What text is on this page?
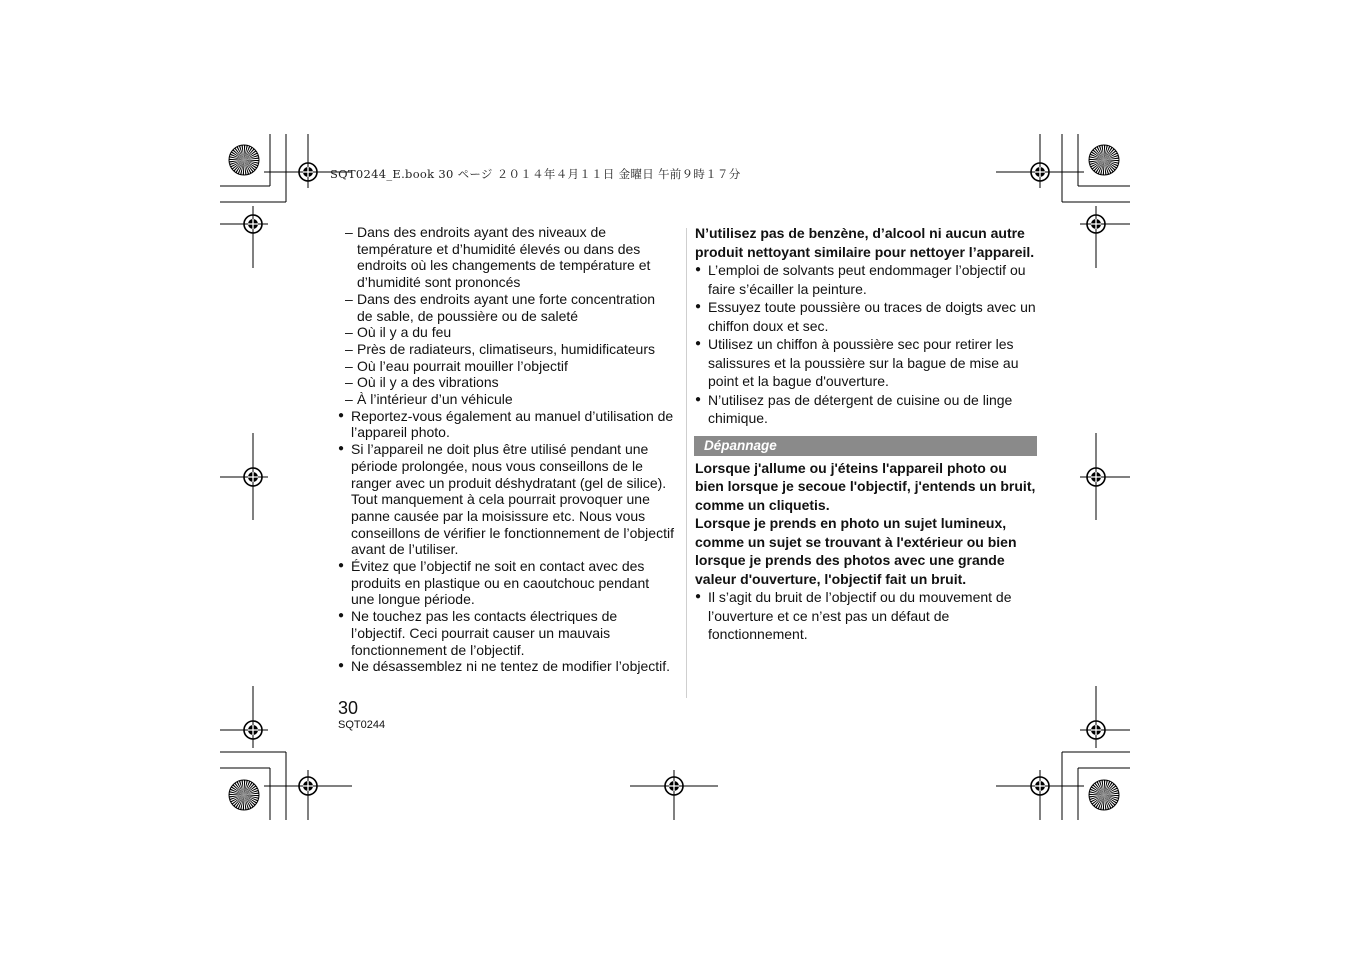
SQT0244_E.book 30 ページ ２０１４年４月１１日 金曜日 午前９時１７分
– Dans des endroits ayant des niveaux de température et d’humidité élevés ou dans des endroits où les changements de température et d’humidité sont prononcés
– Dans des endroits ayant une forte concentration de sable, de poussière ou de saleté
– Où il y a du feu
– Près de radiateurs, climatiseurs, humidificateurs
– Où l’eau pourrait mouiller l’objectif
– Où il y a des vibrations
– À l’intérieur d’un véhicule
● Reportez-vous également au manuel d’utilisation de l’appareil photo.
● Si l’appareil ne doit plus être utilisé pendant une période prolongée, nous vous conseillons de le ranger avec un produit déshydratant (gel de silice). Tout manquement à cela pourrait provoquer une panne causée par la moisissure etc. Nous vous conseillons de vérifier le fonctionnement de l’objectif avant de l’utiliser.
● Évitez que l’objectif ne soit en contact avec des produits en plastique ou en caoutchouc pendant une longue période.
● Ne touchez pas les contacts électriques de l’objectif. Ceci pourrait causer un mauvais fonctionnement de l’objectif.
● Ne désassemblez ni ne tentez de modifier l’objectif.
N’utilisez pas de benzène, d’alcool ni aucun autre produit nettoyant similaire pour nettoyer l’appareil.
● L’emploi de solvants peut endommager l’objectif ou faire s’écailler la peinture.
● Essuyez toute poussière ou traces de doigts avec un chiffon doux et sec.
● Utilisez un chiffon à poussière sec pour retirer les salissures et la poussière sur la bague de mise au point et la bague d'ouverture.
● N’utilisez pas de détergent de cuisine ou de linge chimique.
Dépannage
Lorsque j'allume ou j'éteins l'appareil photo ou bien lorsque je secoue l'objectif, j'entends un bruit, comme un cliquetis.
Lorsque je prends en photo un sujet lumineux, comme un sujet se trouvant à l'extérieur ou bien lorsque je prends des photos avec une grande valeur d'ouverture, l'objectif fait un bruit.
● Il s’agit du bruit de l’objectif ou du mouvement de l’ouverture et ce n’est pas un défaut de fonctionnement.
30
SQT0244
